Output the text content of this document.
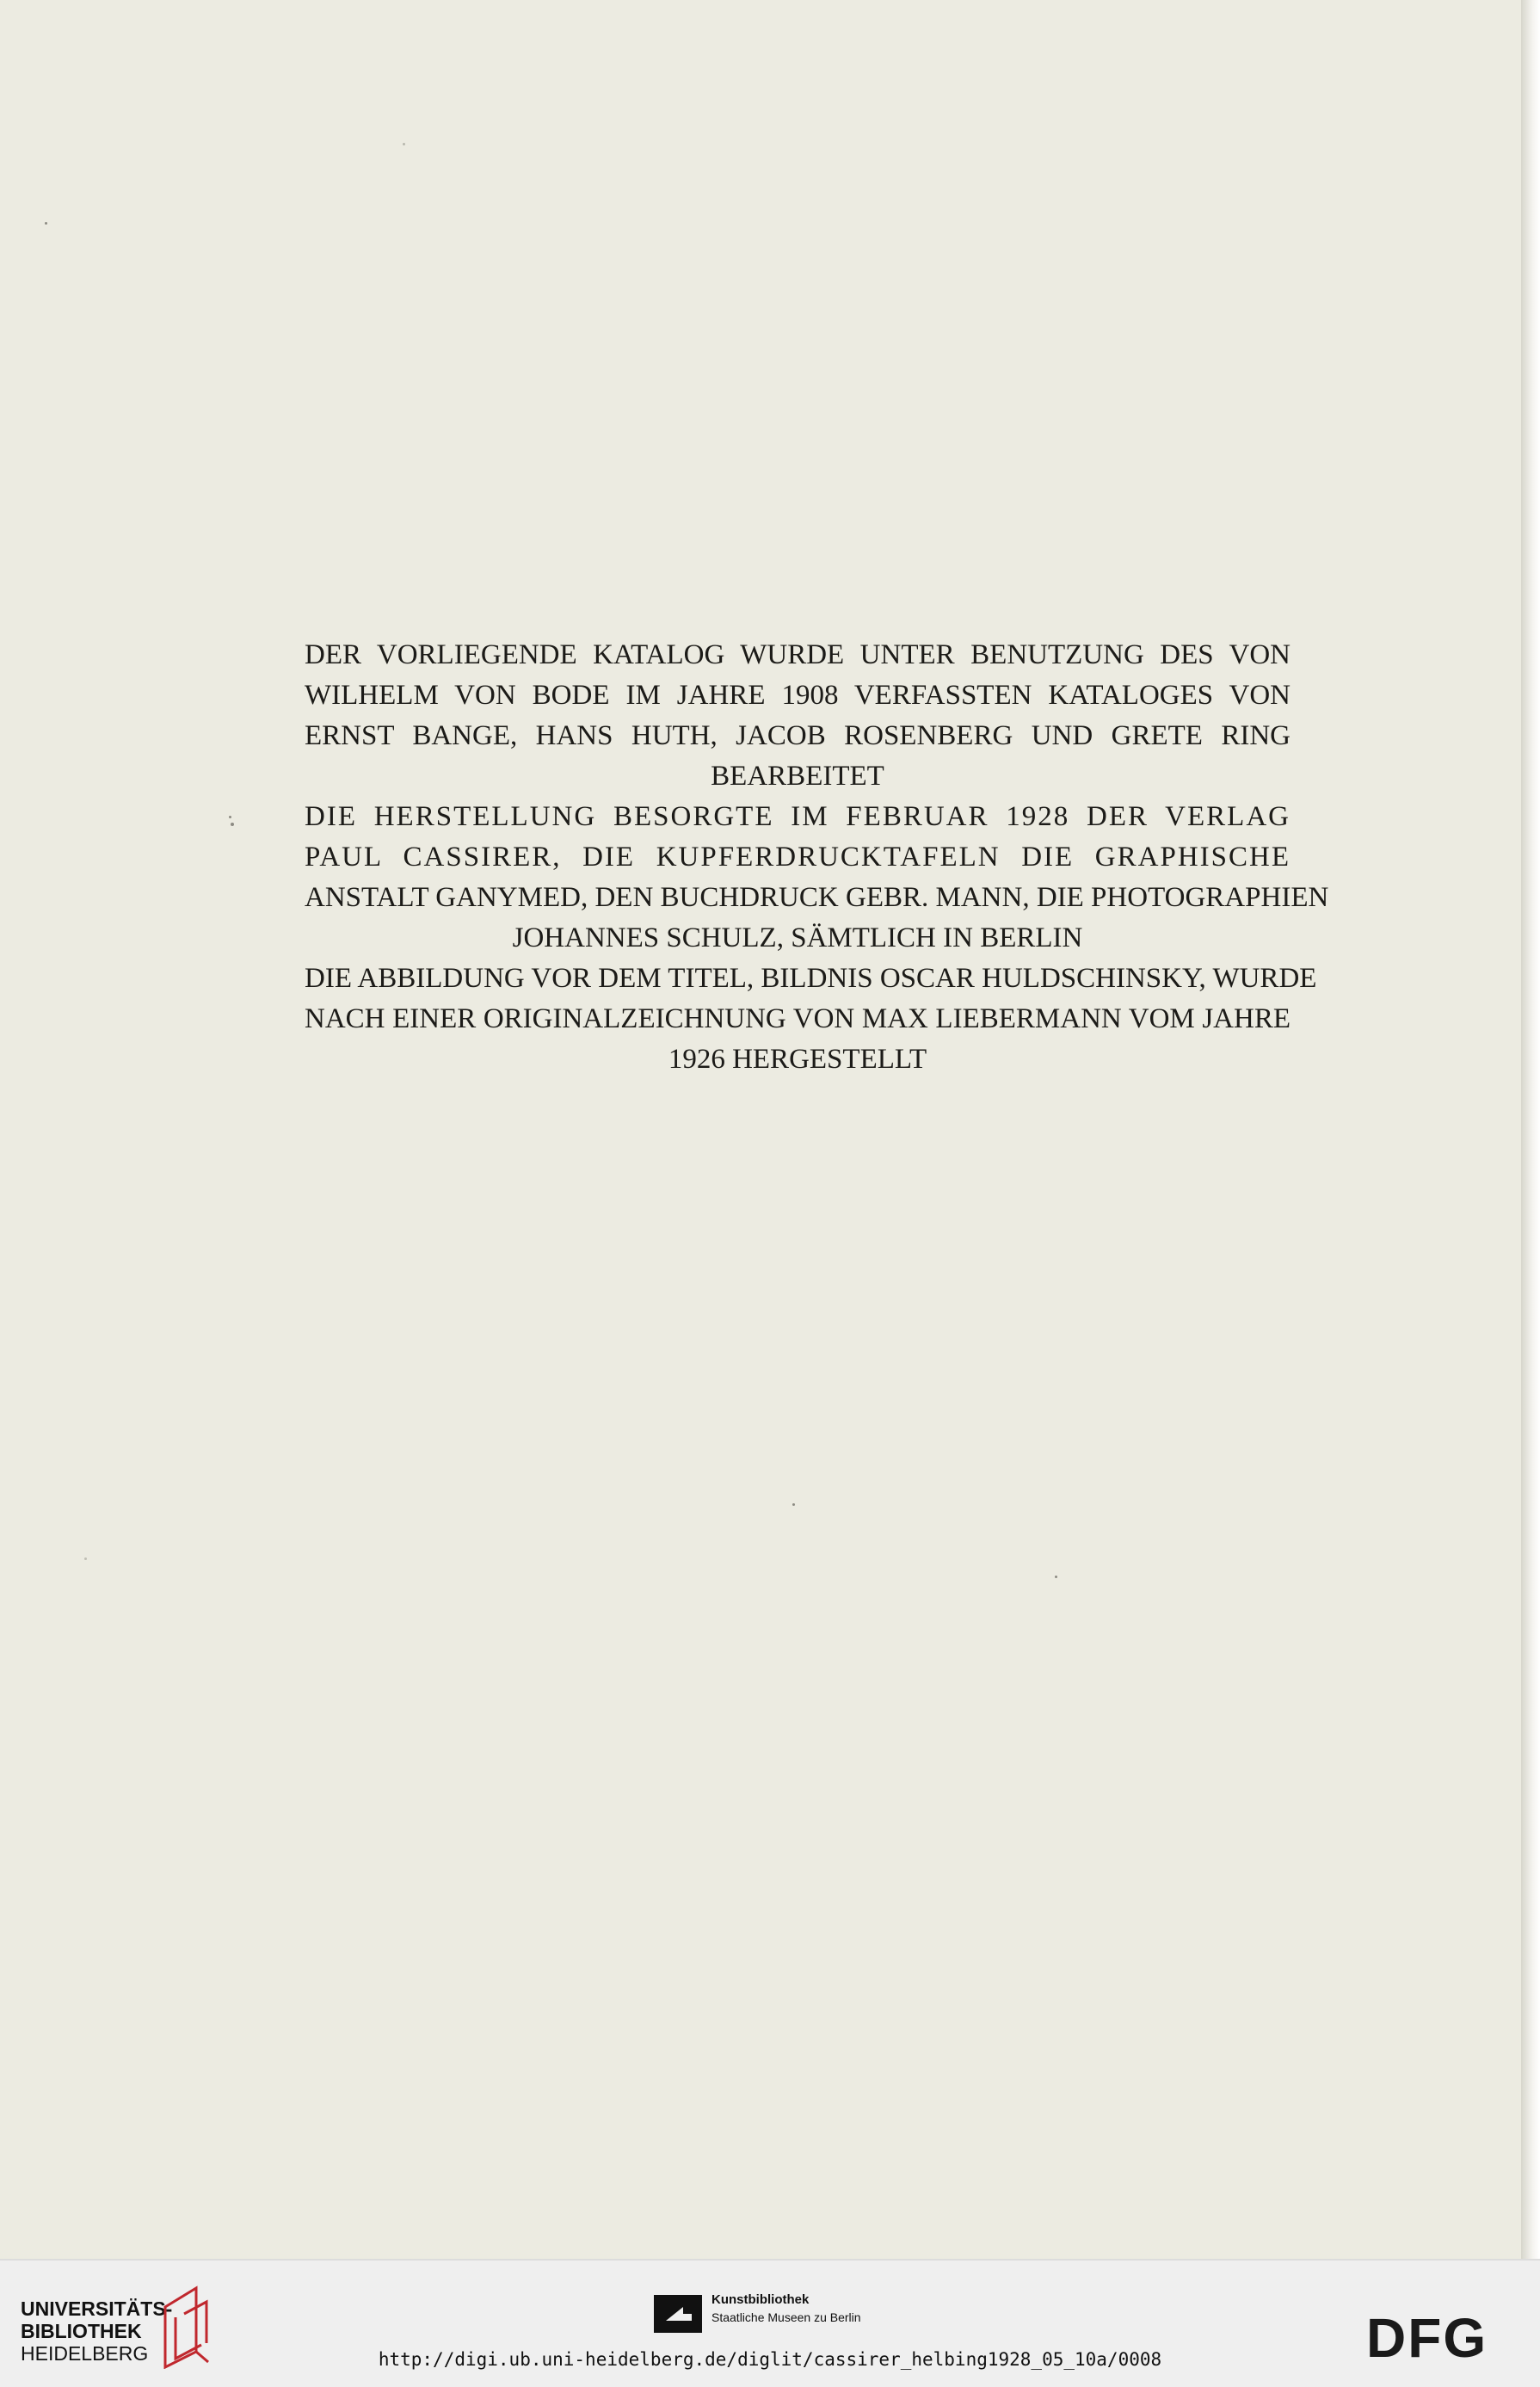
DER VORLIEGENDE KATALOG WURDE UNTER BENUTZUNG DES VON
WILHELM VON BODE IM JAHRE 1908 VERFASSTEN KATALOGES VON
ERNST BANGE, HANS HUTH, JACOB ROSENBERG UND GRETE RING
BEARBEITET

DIE HERSTELLUNG BESORGTE IM FEBRUAR 1928 DER VERLAG
PAUL CASSIRER, DIE KUPFERDRUCKTAFELN DIE GRAPHISCHE
ANSTALT GANYMED, DEN BUCHDRUCK GEBR. MANN, DIE PHOTOGRAPHIEN
JOHANNES SCHULZ, SÄMTLICH IN BERLIN

DIE ABBILDUNG VOR DEM TITEL, BILDNIS OSCAR HULDSCHINSKY, WURDE
NACH EINER ORIGINALZEICHNUNG VON MAX LIEBERMANN VOM JAHRE
1926 HERGESTELLT

UNIVERSITÄTS-
BIBLIOTHEK
HEIDELBERG
Kunstbibliothek
Staatliche Museen zu Berlin	DFG
http://digi.ub.uni-heidelberg.de/diglit/cassirer_helbing1928_05_10a/0008
